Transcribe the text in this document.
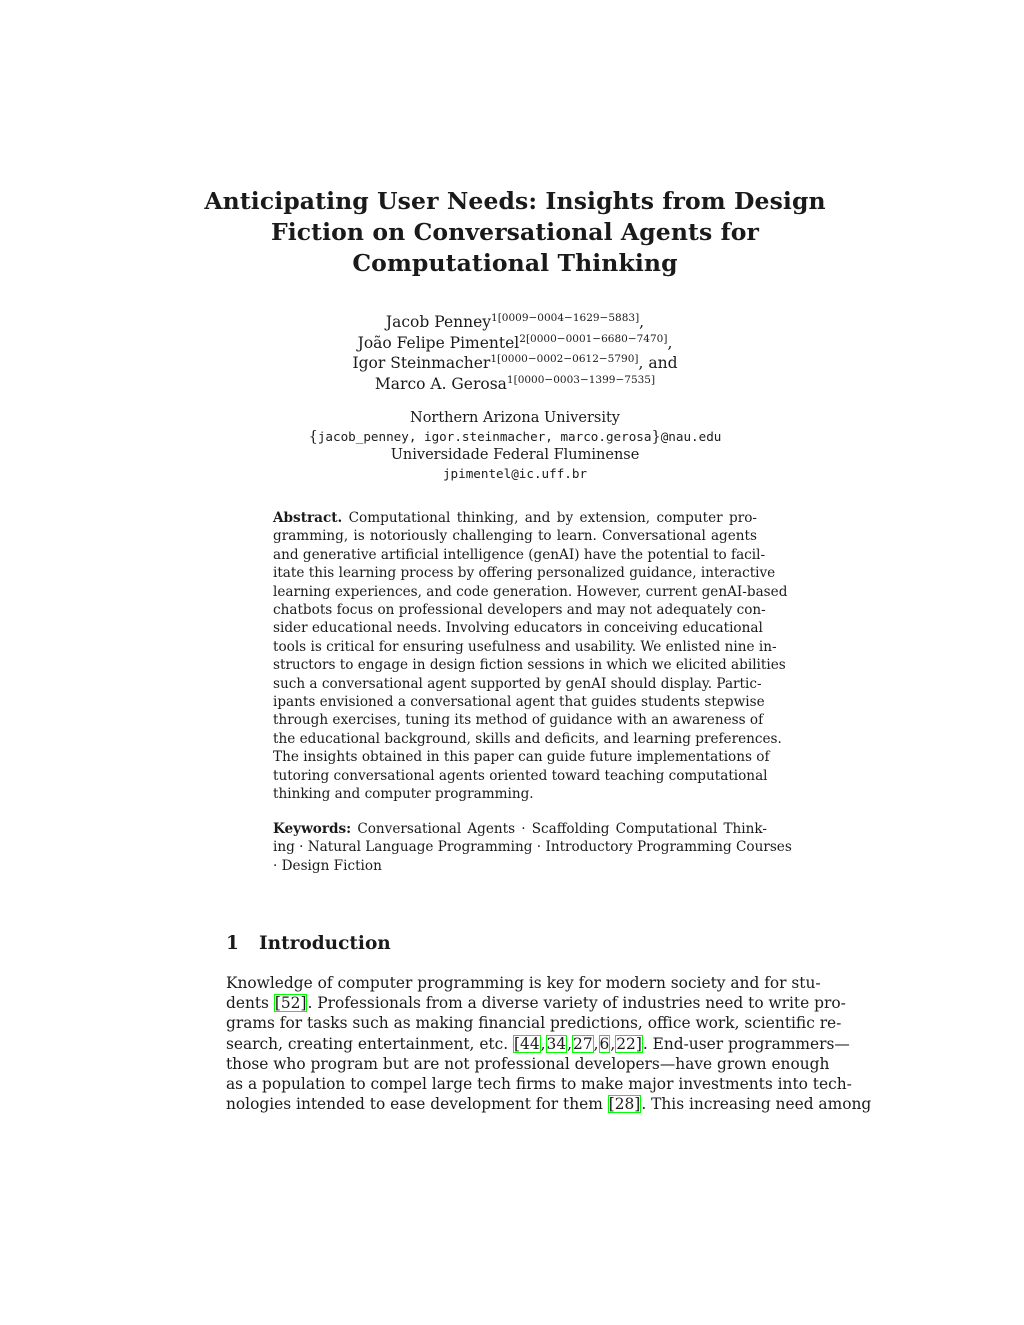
Anticipating User Needs: Insights from Design
Fiction on Conversational Agents for
Computational Thinking
Jacob Penney$^{1[0009-0004-1629-5883]}$,
João Felipe Pimentel$^{2[0000-0001-6680-7470]}$,
Igor Steinmacher$^{1[0000-0002-0612-5790]}$, and
Marco A. Gerosa$^{1[0000-0003-1399-7535]}$
Northern Arizona University
{jacob_penney, igor.steinmacher, marco.gerosa}@nau.edu
Universidade Federal Fluminense
jpimentel@ic.uff.br
Abstract. Computational thinking, and by extension, computer pro-
gramming, is notoriously challenging to learn. Conversational agents
and generative artificial intelligence (genAI) have the potential to facil-
itate this learning process by offering personalized guidance, interactive
learning experiences, and code generation. However, current genAI-based
chatbots focus on professional developers and may not adequately con-
sider educational needs. Involving educators in conceiving educational
tools is critical for ensuring usefulness and usability. We enlisted nine in-
structors to engage in design fiction sessions in which we elicited abilities
such a conversational agent supported by genAI should display. Partic-
ipants envisioned a conversational agent that guides students stepwise
through exercises, tuning its method of guidance with an awareness of
the educational background, skills and deficits, and learning preferences.
The insights obtained in this paper can guide future implementations of
tutoring conversational agents oriented toward teaching computational
thinking and computer programming.
Keywords: Conversational Agents · Scaffolding Computational Think-
ing · Natural Language Programming · Introductory Programming Courses
· Design Fiction
1 Introduction
Knowledge of computer programming is key for modern society and for stu-
dents [52]. Professionals from a diverse variety of industries need to write pro-
grams for tasks such as making financial predictions, office work, scientific re-
search, creating entertainment, etc. [44,34,27,6,22]. End-user programmers—
those who program but are not professional developers—have grown enough
as a population to compel large tech firms to make major investments into tech-
nologies intended to ease development for them [28]. This increasing need among
